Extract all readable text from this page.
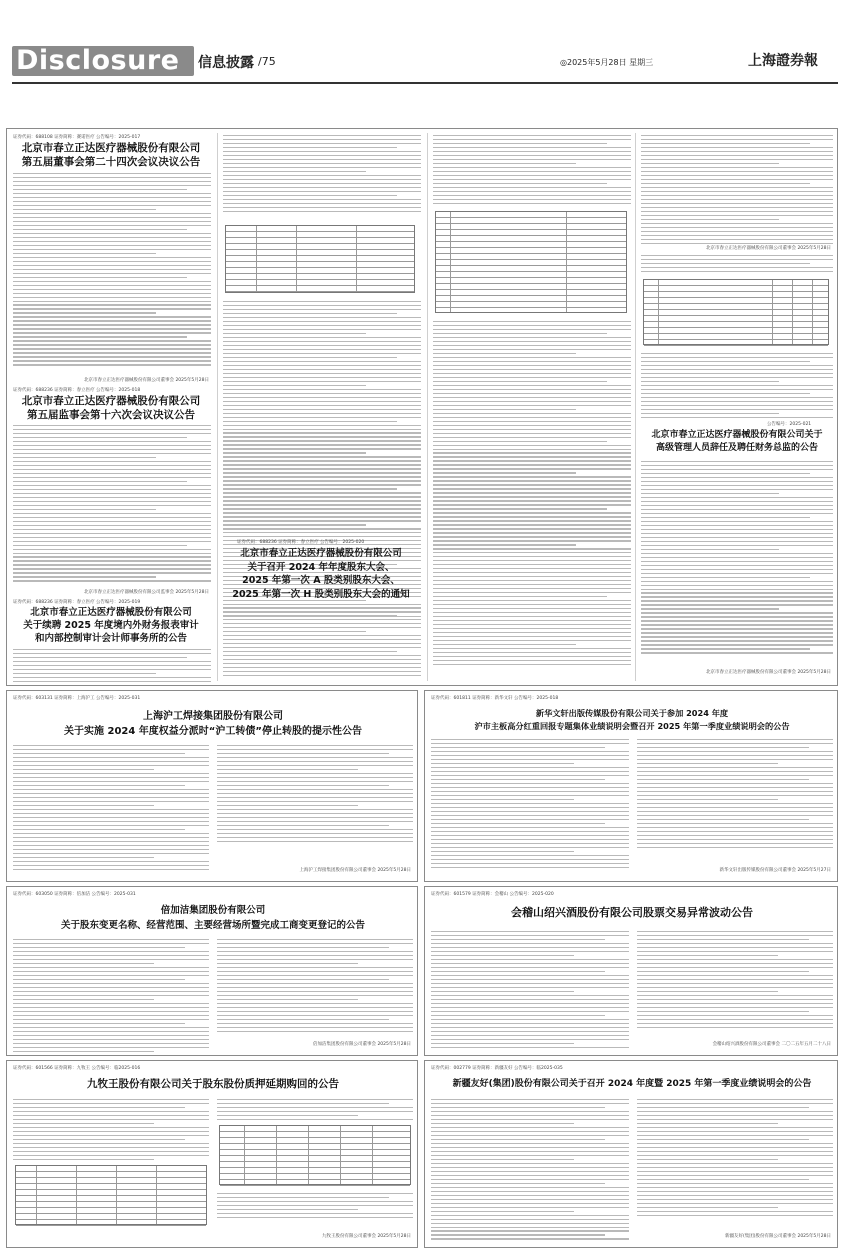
Disclosure 信息披露 /75	◎2025年5月28日 星期三	上海證券報
证券代码：688108 证券简称：赛诺医疗 公告编号：2025-017
北京市春立正达医疗器械股份有限公司
第五届董事会第二十四次会议决议公告
北京市春立正达医疗器械股份有限公司董事会 2025年5月28日
证券代码：688236 证券简称：春立医疗 公告编号：2025-018
北京市春立正达医疗器械股份有限公司
第五届监事会第十六次会议决议公告
北京市春立正达医疗器械股份有限公司监事会 2025年5月28日
证券代码：688236 证券简称：春立医疗 公告编号：2025-019
北京市春立正达医疗器械股份有限公司
关于续聘 2025 年度境内外财务报表审计
和内部控制审计会计师事务所的公告
证券代码：688236 证券简称：春立医疗 公告编号：2025-020
北京市春立正达医疗器械股份有限公司
关于召开 2024 年年度股东大会、
2025 年第一次 A 股类别股东大会、
2025 年第一次 H 股类别股东大会的通知
北京市春立正达医疗器械股份有限公司董事会 2025年5月28日
公告编号：2025-021
北京市春立正达医疗器械股份有限公司关于
高级管理人员辞任及聘任财务总监的公告
北京市春立正达医疗器械股份有限公司董事会 2025年5月28日
证券代码：603131 证券简称：上海沪工 公告编号：2025-031
上海沪工焊接集团股份有限公司
关于实施 2024 年度权益分派时“沪工转债”停止转股的提示性公告
上海沪工焊接集团股份有限公司董事会 2025年5月28日
证券代码：601811 证券简称：新华文轩 公告编号：2025-018
新华文轩出版传媒股份有限公司关于参加 2024 年度
沪市主板高分红重回报专题集体业绩说明会暨召开 2025 年第一季度业绩说明会的公告
新华文轩出版传媒股份有限公司董事会 2025年5月27日
证券代码：603050 证券简称：倍加洁 公告编号：2025-031
倍加洁集团股份有限公司
关于股东变更名称、经营范围、主要经营场所暨完成工商变更登记的公告
倍加洁集团股份有限公司董事会 2025年5月28日
证券代码：601579 证券简称：会稽山 公告编号：2025-020
会稽山绍兴酒股份有限公司股票交易异常波动公告
会稽山绍兴酒股份有限公司董事会 二〇二五年五月二十八日
证券代码：601566 证券简称：九牧王 公告编号：临2025-016
九牧王股份有限公司关于股东股份质押延期购回的公告
九牧王股份有限公司董事会 2025年5月28日
证券代码：002779 证券简称：新疆友好 公告编号：临2025-035
新疆友好(集团)股份有限公司关于召开 2024 年度暨 2025 年第一季度业绩说明会的公告
新疆友好(集团)股份有限公司董事会 2025年5月28日
